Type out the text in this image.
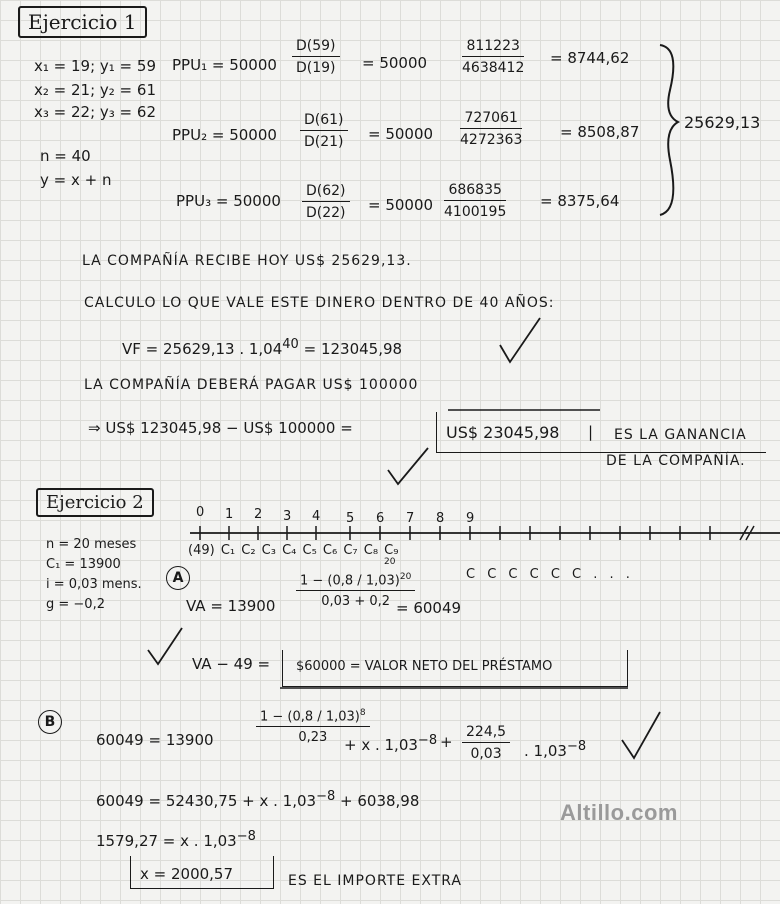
Ejercicio 1
x₁ = 19; y₁ = 59
x₂ = 21; y₂ = 61
x₃ = 22; y₃ = 62
n = 40
y = x + n
$PPU_1 = 50000 \frac{D(59)}{D(19)} = 50000 \frac{811223}{4638412} = 8744,62$
$PPU_2 = 50000 \frac{D(61)}{D(21)} = 50000 \frac{727061}{4272363}$	= 8508,87
$PPU_3 = 50000 \frac{D(62)}{D(22)} = 50000 \frac{686835}{4100195} = 8375,64$
25629,13
LA COMPAÑÍA RECIBE HOY US$ 25629,13.
CALCULO LO QUE VALE ESTE DINERO DENTRO DE 40 AÑOS:
VF = 25629,13 . $1,04^{40} = 123045,98$
LA COMPAÑÍA DEBERÁ PAGAR US$ 100000
⇒ US$ 123045,98 − US$ 100000 =	US$ 23045,98 | ES LA GANANCIA
DE LA COMPAÑÍA.
Ejercicio 2
n = 20 meses
C₁ = 13900
i = 0,03 mens.
g = −0,2
0 1 2 3 4 5 6 7 8 9
(49) C₁ C₂ C₃ C₄ C₅ C₆ C₇ C₈ C₉
20
C C C C C C . . .
A
VA = $13900 \frac{1 - (0,8 / 1,03)^{20}}{0,03 + 0,2}$
= 60049
VA − 49 = $60000 = VALOR NETO DEL PRÉSTAMO
B
60049 = 13900	$\frac{1 - (0,8 / 1,03)^8}{0,23}$
+ x . $1,03^{-8} + \frac{224,5}{0,03}$ . $1,03^{-8}$
60049 = 52430,75 + x . $1,03^{-8} + 6038,98$
1579,27 = x . $1,03^{-8}$
x = 2000,57	ES EL IMPORTE EXTRA
Altillo.com
